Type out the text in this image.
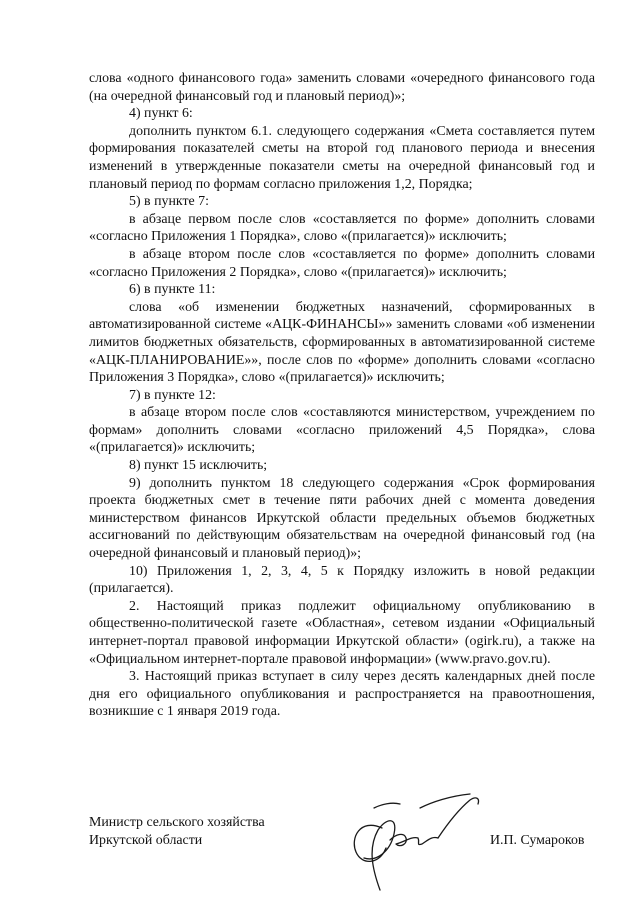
слова «одного финансового года» заменить словами «очередного финансового года (на очередной финансовый год и плановый период)»;

4) пункт 6:

дополнить пунктом 6.1. следующего содержания «Смета составляется путем формирования показателей сметы на второй год планового периода и внесения изменений в утвержденные показатели сметы на очередной финансовый год и плановый период по формам согласно приложения 1,2, Порядка;

5) в пункте 7:

в абзаце первом после слов «составляется по форме» дополнить словами «согласно Приложения 1 Порядка», слово «(прилагается)» исключить;

в абзаце втором после слов «составляется по форме» дополнить словами «согласно Приложения 2 Порядка», слово «(прилагается)» исключить;

6) в пункте 11:

слова «об изменении бюджетных назначений, сформированных в автоматизированной системе «АЦК-ФИНАНСЫ»» заменить словами «об изменении лимитов бюджетных обязательств, сформированных в автоматизированной системе «АЦК-ПЛАНИРОВАНИЕ»», после слов по «форме» дополнить словами «согласно Приложения 3 Порядка», слово «(прилагается)» исключить;

7) в пункте 12:

в абзаце втором после слов «составляются министерством, учреждением по формам» дополнить словами «согласно приложений 4,5 Порядка», слова «(прилагается)» исключить;

8) пункт 15 исключить;

9) дополнить пунктом 18 следующего содержания «Срок формирования проекта бюджетных смет в течение пяти рабочих дней с момента доведения министерством финансов Иркутской области предельных объемов бюджетных ассигнований по действующим обязательствам на очередной финансовый год (на очередной финансовый и плановый период)»;

10) Приложения 1, 2, 3, 4, 5 к Порядку изложить в новой редакции (прилагается).

2. Настоящий приказ подлежит официальному опубликованию в общественно-политической газете «Областная», сетевом издании «Официальный интернет-портал правовой информации Иркутской области» (ogirk.ru), а также на «Официальном интернет-портале правовой информации» (www.pravo.gov.ru).

3. Настоящий приказ вступает в силу через десять календарных дней после дня его официального опубликования и распространяется на правоотношения, возникшие с 1 января 2019 года.

Министр сельского хозяйства
Иркутской области	И.П. Сумароков
